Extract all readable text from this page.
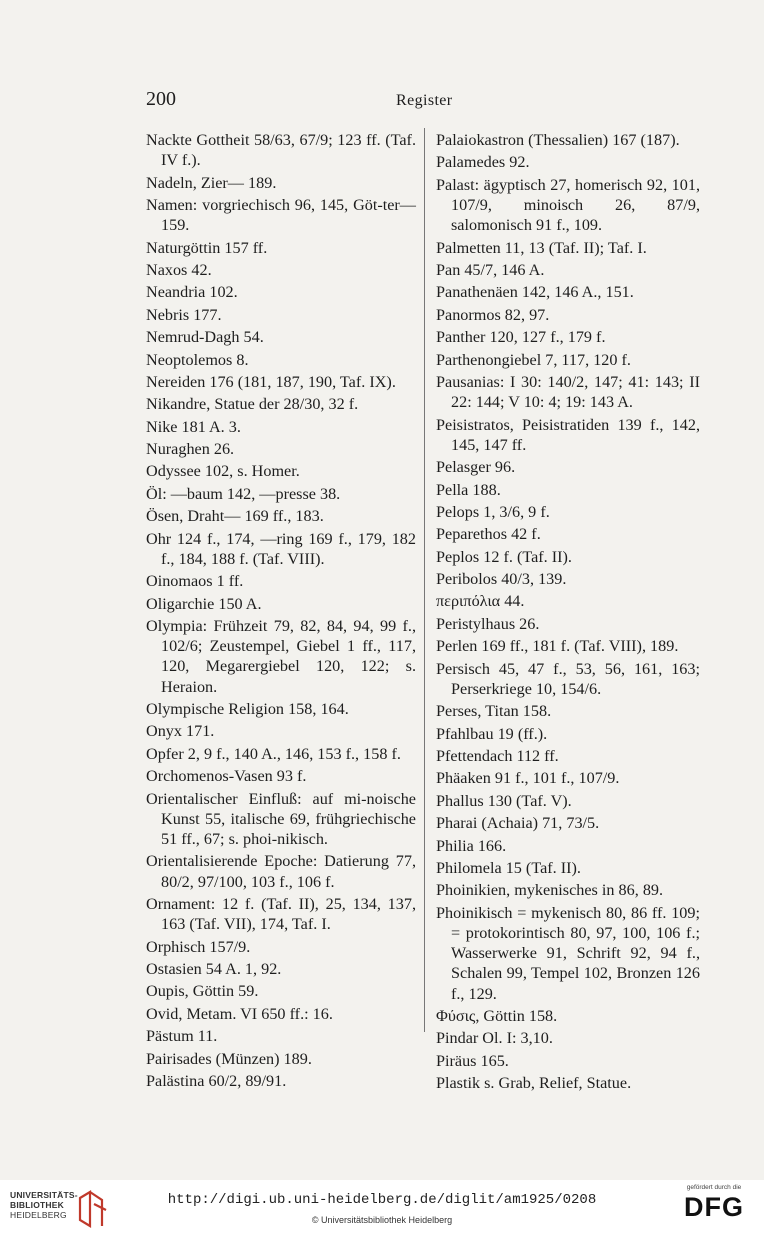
200	Register

Nackte Gottheit 58/63, 67/9; 123 ff. (Taf. IV f.).

Nadeln, Zier— 189.

Namen: vorgriechisch 96, 145, Göt-ter— 159.

Naturgöttin 157 ff.

Naxos 42.

Neandria 102.

Nebris 177.

Nemrud-Dagh 54.

Neoptolemos 8.

Nereiden 176 (181, 187, 190, Taf. IX).

Nikandre, Statue der 28/30, 32 f.

Nike 181 A. 3.

Nuraghen 26.

Odyssee 102, s. Homer.

Öl: —baum 142, —presse 38.

Ösen, Draht— 169 ff., 183.

Ohr 124 f., 174, —ring 169 f., 179, 182 f., 184, 188 f. (Taf. VIII).

Oinomaos 1 ff.

Oligarchie 150 A.

Olympia: Frühzeit 79, 82, 84, 94, 99 f., 102/6; Zeustempel, Giebel 1 ff., 117, 120, Megarergiebel 120, 122; s. Heraion.

Olympische Religion 158, 164.

Onyx 171.

Opfer 2, 9 f., 140 A., 146, 153 f., 158 f.

Orchomenos-Vasen 93 f.

Orientalischer Einfluß: auf mi-noische Kunst 55, italische 69, frühgriechische 51 ff., 67; s. phoi-nikisch.

Orientalisierende Epoche: Datierung 77, 80/2, 97/100, 103 f., 106 f.

Ornament: 12 f. (Taf. II), 25, 134, 137, 163 (Taf. VII), 174, Taf. I.

Orphisch 157/9.

Ostasien 54 A. 1, 92.

Oupis, Göttin 59.

Ovid, Metam. VI 650 ff.: 16.

Pästum 11.

Pairisades (Münzen) 189.

Palästina 60/2, 89/91.

Palaiokastron (Thessalien) 167 (187).

Palamedes 92.

Palast: ägyptisch 27, homerisch 92, 101, 107/9, minoisch 26, 87/9, salomonisch 91 f., 109.

Palmetten 11, 13 (Taf. II); Taf. I.

Pan 45/7, 146 A.

Panathenäen 142, 146 A., 151.

Panormos 82, 97.

Panther 120, 127 f., 179 f.

Parthenongiebel 7, 117, 120 f.

Pausanias: I 30: 140/2, 147; 41: 143; II 22: 144; V 10: 4; 19: 143 A.

Peisistratos, Peisistratiden 139 f., 142, 145, 147 ff.

Pelasger 96.

Pella 188.

Pelops 1, 3/6, 9 f.

Peparethos 42 f.

Peplos 12 f. (Taf. II).

Peribolos 40/3, 139.

περιπόλια 44.

Peristylhaus 26.

Perlen 169 ff., 181 f. (Taf. VIII), 189.

Persisch 45, 47 f., 53, 56, 161, 163; Perserkriege 10, 154/6.

Perses, Titan 158.

Pfahlbau 19 (ff.).

Pfettendach 112 ff.

Phäaken 91 f., 101 f., 107/9.

Phallus 130 (Taf. V).

Pharai (Achaia) 71, 73/5.

Philia 166.

Philomela 15 (Taf. II).

Phoinikien, mykenisches in 86, 89.

Phoinikisch = mykenisch 80, 86 ff. 109; = protokorintisch 80, 97, 100, 106 f.; Wasserwerke 91, Schrift 92, 94 f., Schalen 99, Tempel 102, Bronzen 126 f., 129.

Φύσις, Göttin 158.

Pindar Ol. I: 3,10.

Piräus 165.

Plastik s. Grab, Relief, Statue.

UNIVERSITÄTS-
BIBLIOTHEK
HEIDELBERG
http://digi.ub.uni-heidelberg.de/diglit/am1925/0208
© Universitätsbibliothek Heidelberg
gefördert durch die
DFG
